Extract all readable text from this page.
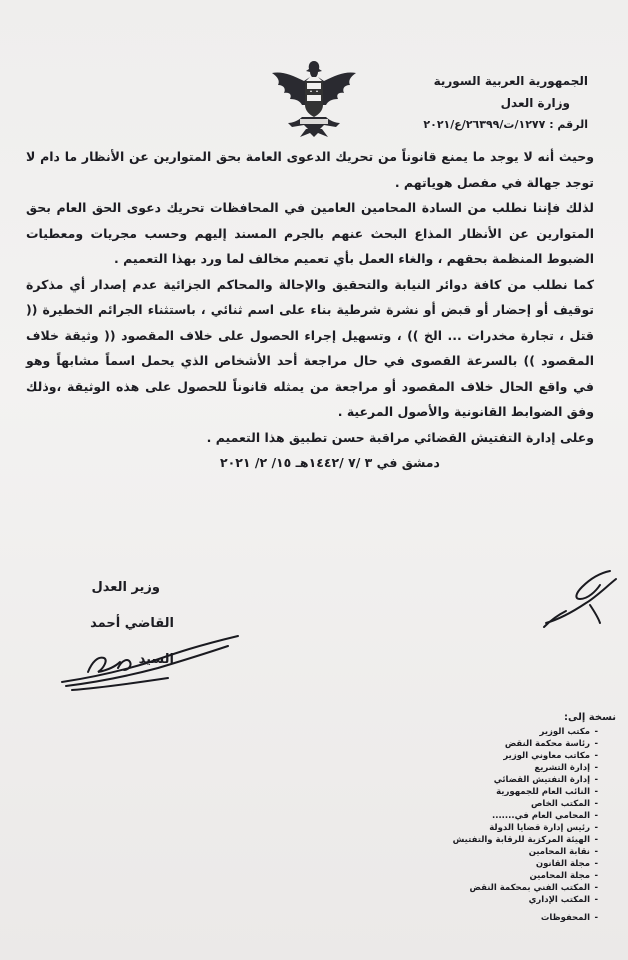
الجمهورية العربية السورية
وزارة العدل
الرقم : ١٢٧٧/ت/٢٦٣٩٩/ع/٢٠٢١

وحيث أنه لا يوجد ما يمنع قانوناً من تحريك الدعوى العامة بحق المتوارين عن الأنظار ما دام لا توجد جهالة في مفصل هوياتهم .

لذلك فإننا نطلب من السادة المحامين العامين في المحافظات تحريك دعوى الحق العام بحق المتوارين عن الأنظار المذاع البحث عنهم بالجرم المسند إليهم وحسب مجريات ومعطيات الضبوط المنظمة بحقهم ، والغاء العمل بأي تعميم مخالف لما ورد بهذا التعميم .

كما نطلب من كافة دوائر النيابة والتحقيق والإحالة والمحاكم الجزائية عدم إصدار أي مذكرة توقيف أو إحضار أو قبض أو نشرة شرطية بناء على اسم ثنائي ، باستثناء الجرائم الخطيرة (( قتل ، تجارة مخدرات ... الخ )) ، وتسهيل إجراء الحصول على خلاف المقصود (( وثيقة خلاف المقصود )) بالسرعة القصوى في حال مراجعة أحد الأشخاص الذي يحمل اسماً مشابهاً وهو في واقع الحال خلاف المقصود أو مراجعة من يمثله قانوناً للحصول على هذه الوثيقة ،وذلك وفق الضوابط القانونية والأصول المرعية .

وعلى إدارة التفتيش القضائي مراقبة حسن تطبيق هذا التعميم .

دمشق في ٣ /٧ /١٤٤٢هـ ١٥/ ٢/ ٢٠٢١

وزير العدل
القاضي أحمد السيد
نسخة إلى:
مكتب الوزير -
رئاسة محكمة النقض -
مكاتب معاوني الوزير -
إدارة التشريع -
إدارة التفتيش القضائي -
النائب العام للجمهورية -
المكتب الخاص -
المحامي العام في....... -
رئيس إدارة قضايا الدولة -
الهيئة المركزية للرقابة والتفتيش -
نقابة المحامين -
مجلة القانون -
مجلة المحامين -
المكتب الفني بمحكمة النقض -
المكتب الإداري -
المحفوظات -
